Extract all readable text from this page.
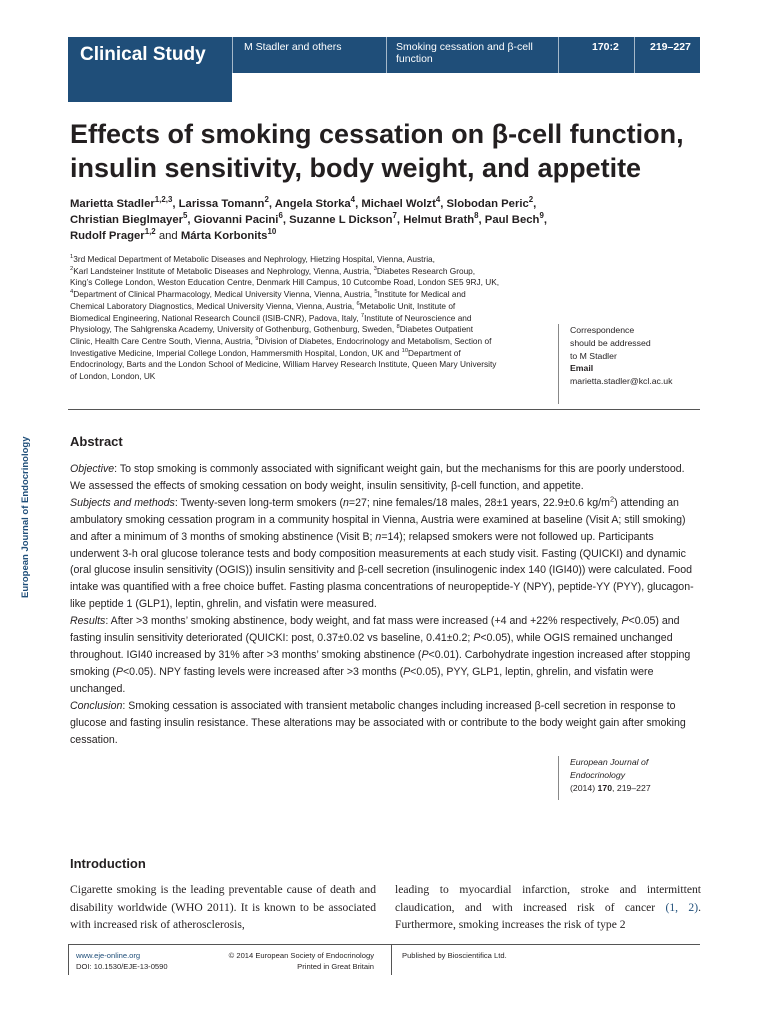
Clinical Study	M Stadler and others	Smoking cessation and β-cell function
170:2	219–227
European Journal of Endocrinology
Effects of smoking cessation on β-cell function, insulin sensitivity, body weight, and appetite
Marietta Stadler$^{1,2,3}$, Larissa Tomann$^2$, Angela Storka$^4$, Michael Wolzt$^4$, Slobodan Peric$^2$, Christian Bieglmayer$^5$, Giovanni Pacini$^6$, Suzanne L Dickson$^7$, Helmut Brath$^8$, Paul Bech$^9$, Rudolf Prager$^{1,2}$ and Márta Korbonits$^{10}$
$^1$3rd Medical Department of Metabolic Diseases and Nephrology, Hietzing Hospital, Vienna, Austria,
$^2$Karl Landsteiner Institute of Metabolic Diseases and Nephrology, Vienna, Austria, $^3$Diabetes Research Group,
King’s College London, Weston Education Centre, Denmark Hill Campus, 10 Cutcombe Road, London SE5 9RJ, UK,
$^4$Department of Clinical Pharmacology, Medical University Vienna, Vienna, Austria, $^5$Institute for Medical and
Chemical Laboratory Diagnostics, Medical University Vienna, Vienna, Austria, $^6$Metabolic Unit, Institute of
Biomedical Engineering, National Research Council (ISIB-CNR), Padova, Italy, $^7$Institute of Neuroscience and
Physiology, The Sahlgrenska Academy, University of Gothenburg, Gothenburg, Sweden, $^8$Diabetes Outpatient
Clinic, Health Care Centre South, Vienna, Austria, $^9$Division of Diabetes, Endocrinology and Metabolism, Section of
Investigative Medicine, Imperial College London, Hammersmith Hospital, London, UK and $^{10}$Department of
Endocrinology, Barts and the London School of Medicine, William Harvey Research Institute, Queen Mary University
of London, London, UK
Correspondence
should be addressed
to M Stadler
Email
marietta.stadler@kcl.ac.uk
Abstract

Objective: To stop smoking is commonly associated with significant weight gain, but the mechanisms for this are poorly understood. We assessed the effects of smoking cessation on body weight, insulin sensitivity, β-cell function, and appetite.
Subjects and methods: Twenty-seven long-term smokers (n=27; nine females/18 males, 28±1 years, 22.9±0.6 $kg/m^2$) attending an ambulatory smoking cessation program in a community hospital in Vienna, Austria were examined at baseline (Visit A; still smoking) and after a minimum of 3 months of smoking abstinence (Visit B; n=14); relapsed smokers were not followed up. Participants underwent 3-h oral glucose tolerance tests and body composition measurements at each study visit. Fasting (QUICKI) and dynamic (oral glucose insulin sensitivity (OGIS)) insulin sensitivity and β-cell secretion (insulinogenic index 140 (IGI40)) were calculated. Food intake was quantified with a free choice buffet. Fasting plasma concentrations of neuropeptide-Y (NPY), peptide-YY (PYY), glucagon-like peptide 1 (GLP1), leptin, ghrelin, and visfatin were measured.
Results: After >3 months’ smoking abstinence, body weight, and fat mass were increased (+4 and +22% respectively, P<0.05) and fasting insulin sensitivity deteriorated (QUICKI: post, 0.37±0.02 vs baseline, 0.41±0.2; P<0.05), while OGIS remained unchanged throughout. IGI40 increased by 31% after >3 months’ smoking abstinence (P<0.01). Carbohydrate ingestion increased after stopping smoking (P<0.05). NPY fasting levels were increased after >3 months (P<0.05), PYY, GLP1, leptin, ghrelin, and visfatin were unchanged.
Conclusion: Smoking cessation is associated with transient metabolic changes including increased β-cell secretion in response to glucose and fasting insulin resistance. These alterations may be associated with or contribute to the body weight gain after smoking cessation.

European Journal of
Endocrinology
(2014) 170, 219–227
Introduction
Cigarette smoking is the leading preventable cause of death and disability worldwide (WHO 2011). It is known to be associated with increased risk of atherosclerosis,
leading to myocardial infarction, stroke and intermittent claudication, and with increased risk of cancer (1, 2). Furthermore, smoking increases the risk of type 2
www.eje-online.org
DOI: 10.1530/EJE-13-0590
© 2014 European Society of Endocrinology
Printed in Great Britain
Published by Bioscientifica Ltd.
